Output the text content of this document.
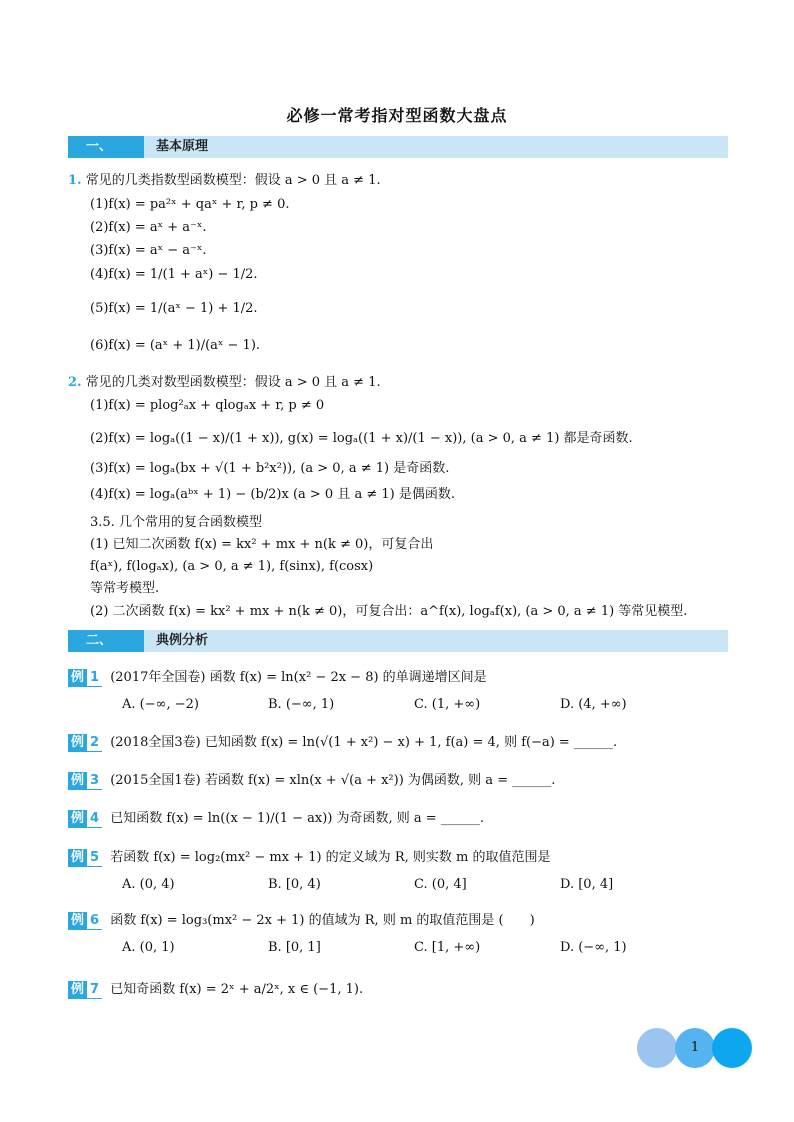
必修一常考指对型函数大盘点
一、	基本原理
1. 常见的几类指数型函数模型：假设 a > 0 且 a ≠ 1.
(1)f(x) = pa²ˣ + qaˣ + r, p ≠ 0.
(2)f(x) = aˣ + a⁻ˣ.
(3)f(x) = aˣ − a⁻ˣ.
(4)f(x) = 1/(1 + aˣ) − 1/2.
(5)f(x) = 1/(aˣ − 1) + 1/2.
(6)f(x) = (aˣ + 1)/(aˣ − 1).
2. 常见的几类对数型函数模型：假设 a > 0 且 a ≠ 1.
(1)f(x) = plog²ₐx + qlogₐx + r, p ≠ 0
(2)f(x) = logₐ((1 − x)/(1 + x)), g(x) = logₐ((1 + x)/(1 − x)), (a > 0, a ≠ 1) 都是奇函数.
(3)f(x) = logₐ(bx + √(1 + b²x²)), (a > 0, a ≠ 1) 是奇函数.
(4)f(x) = logₐ(aᵇˣ + 1) − (b/2)x (a > 0 且 a ≠ 1) 是偶函数.
3.5. 几个常用的复合函数模型
(1) 已知二次函数 f(x) = kx² + mx + n(k ≠ 0)，可复合出
f(aˣ), f(logₐx), (a > 0, a ≠ 1), f(sinx), f(cosx)
等常考模型.
(2) 二次函数 f(x) = kx² + mx + n(k ≠ 0)，可复合出：a^f(x), logₐf(x), (a > 0, a ≠ 1) 等常见模型.
二、	典例分析
例 1 (2017年全国卷) 函数 f(x) = ln(x² − 2x − 8) 的单调递增区间是
A. (−∞, −2)	B. (−∞, 1)	C. (1, +∞)	D. (4, +∞)
例 2 (2018全国3卷) 已知函数 f(x) = ln(√(1 + x²) − x) + 1, f(a) = 4, 则 f(−a) = ______.
例 3 (2015全国1卷) 若函数 f(x) = xln(x + √(a + x²)) 为偶函数, 则 a = ______.
例 4 已知函数 f(x) = ln((x − 1)/(1 − ax)) 为奇函数, 则 a = ______.
例 5 若函数 f(x) = log₂(mx² − mx + 1) 的定义域为 R, 则实数 m 的取值范围是
A. (0, 4)	B. [0, 4)	C. (0, 4]	D. [0, 4]
例 6 函数 f(x) = log₃(mx² − 2x + 1) 的值域为 R, 则 m 的取值范围是 (　　)
A. (0, 1)	B. [0, 1]	C. [1, +∞)	D. (−∞, 1)
例 7 已知奇函数 f(x) = 2ˣ + a/2ˣ, x ∈ (−1, 1).
1
